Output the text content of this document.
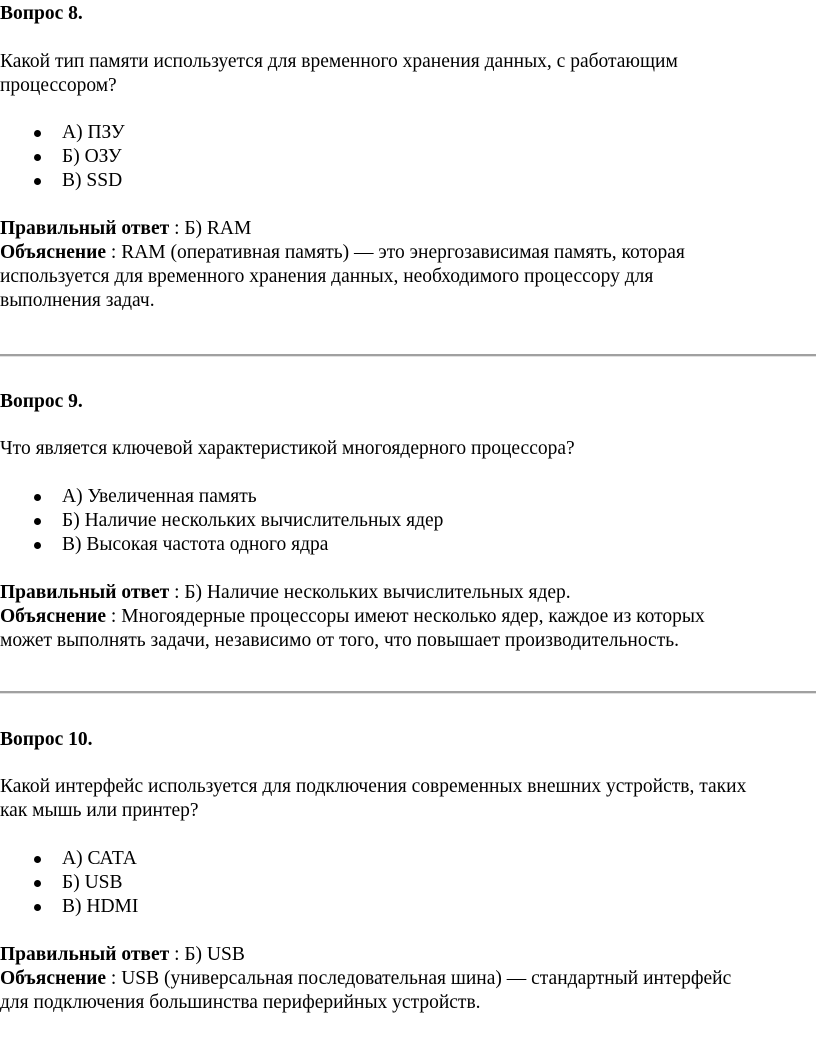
Вопрос 8.

Какой тип памяти используется для временного хранения данных, с работающим
процессором?
А) ПЗУ
Б) ОЗУ
В) SSD

Правильный ответ : Б) RAM

Объяснение : RAM (оперативная память) — это энергозависимая память, которая

используется для временного хранения данных, необходимого процессору для

выполнения задач.

Вопрос 9.

Что является ключевой характеристикой многоядерного процессора?
А) Увеличенная память
Б) Наличие нескольких вычислительных ядер
В) Высокая частота одного ядра

Правильный ответ : Б) Наличие нескольких вычислительных ядер.

Объяснение : Многоядерные процессоры имеют несколько ядер, каждое из которых

может выполнять задачи, независимо от того, что повышает производительность.

Вопрос 10.

Какой интерфейс используется для подключения современных внешних устройств, таких
как мышь или принтер?
А) САТА
Б) USB
В) HDMI

Правильный ответ : Б) USB

Объяснение : USB (универсальная последовательная шина) — стандартный интерфейс

для подключения большинства периферийных устройств.
